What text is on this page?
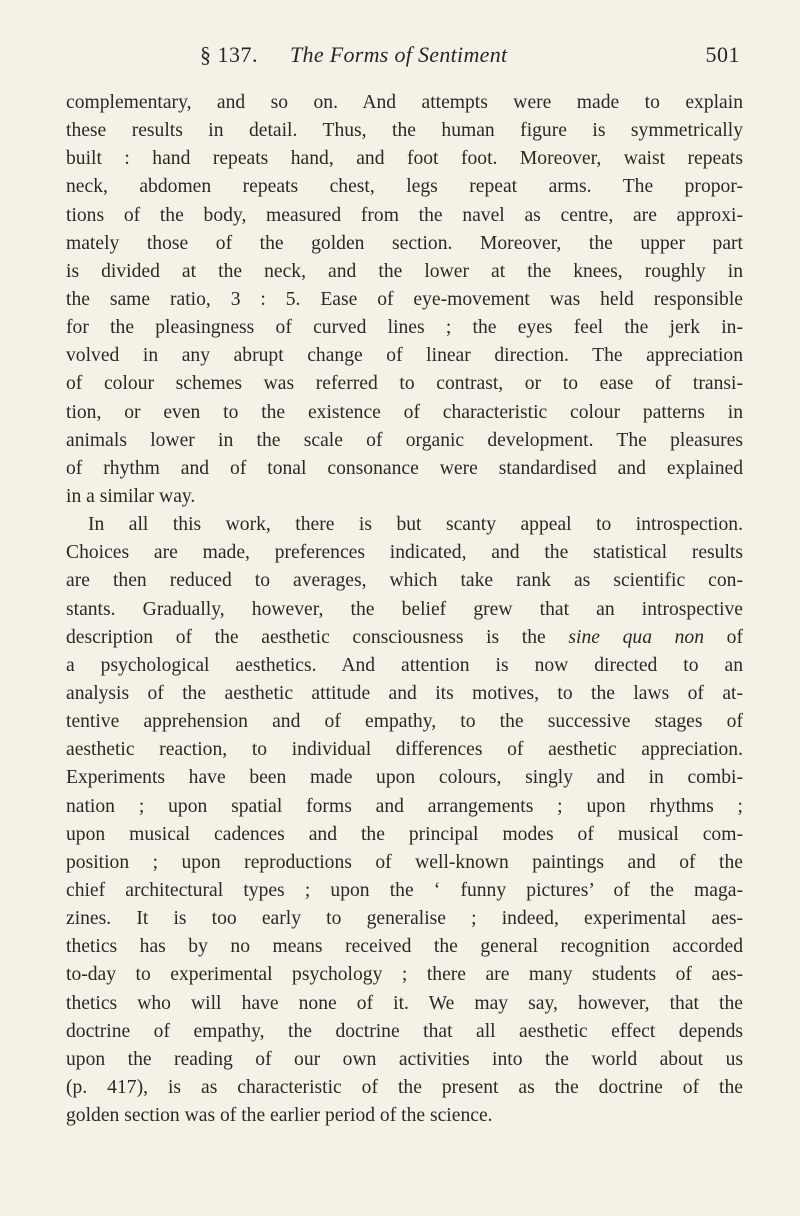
§ 137. The Forms of Sentiment	501
complementary, and so on. And attempts were made to explain
these results in detail. Thus, the human figure is symmetrically
built : hand repeats hand, and foot foot. Moreover, waist repeats
neck, abdomen repeats chest, legs repeat arms. The propor-
tions of the body, measured from the navel as centre, are approxi-
mately those of the golden section. Moreover, the upper part
is divided at the neck, and the lower at the knees, roughly in
the same ratio, 3 : 5. Ease of eye-movement was held responsible
for the pleasingness of curved lines ; the eyes feel the jerk in-
volved in any abrupt change of linear direction. The appreciation
of colour schemes was referred to contrast, or to ease of transi-
tion, or even to the existence of characteristic colour patterns in
animals lower in the scale of organic development. The pleasures
of rhythm and of tonal consonance were standardised and explained
in a similar way.
In all this work, there is but scanty appeal to introspection.
Choices are made, preferences indicated, and the statistical results
are then reduced to averages, which take rank as scientific con-
stants. Gradually, however, the belief grew that an introspective
description of the aesthetic consciousness is the sine qua non of
a psychological aesthetics. And attention is now directed to an
analysis of the aesthetic attitude and its motives, to the laws of at-
tentive apprehension and of empathy, to the successive stages of
aesthetic reaction, to individual differences of aesthetic appreciation.
Experiments have been made upon colours, singly and in combi-
nation ; upon spatial forms and arrangements ; upon rhythms ;
upon musical cadences and the principal modes of musical com-
position ; upon reproductions of well-known paintings and of the
chief architectural types ; upon the ‘ funny pictures’ of the maga-
zines. It is too early to generalise ; indeed, experimental aes-
thetics has by no means received the general recognition accorded
to-day to experimental psychology ; there are many students of aes-
thetics who will have none of it. We may say, however, that the
doctrine of empathy, the doctrine that all aesthetic effect depends
upon the reading of our own activities into the world about us
(p. 417), is as characteristic of the present as the doctrine of the
golden section was of the earlier period of the science.
